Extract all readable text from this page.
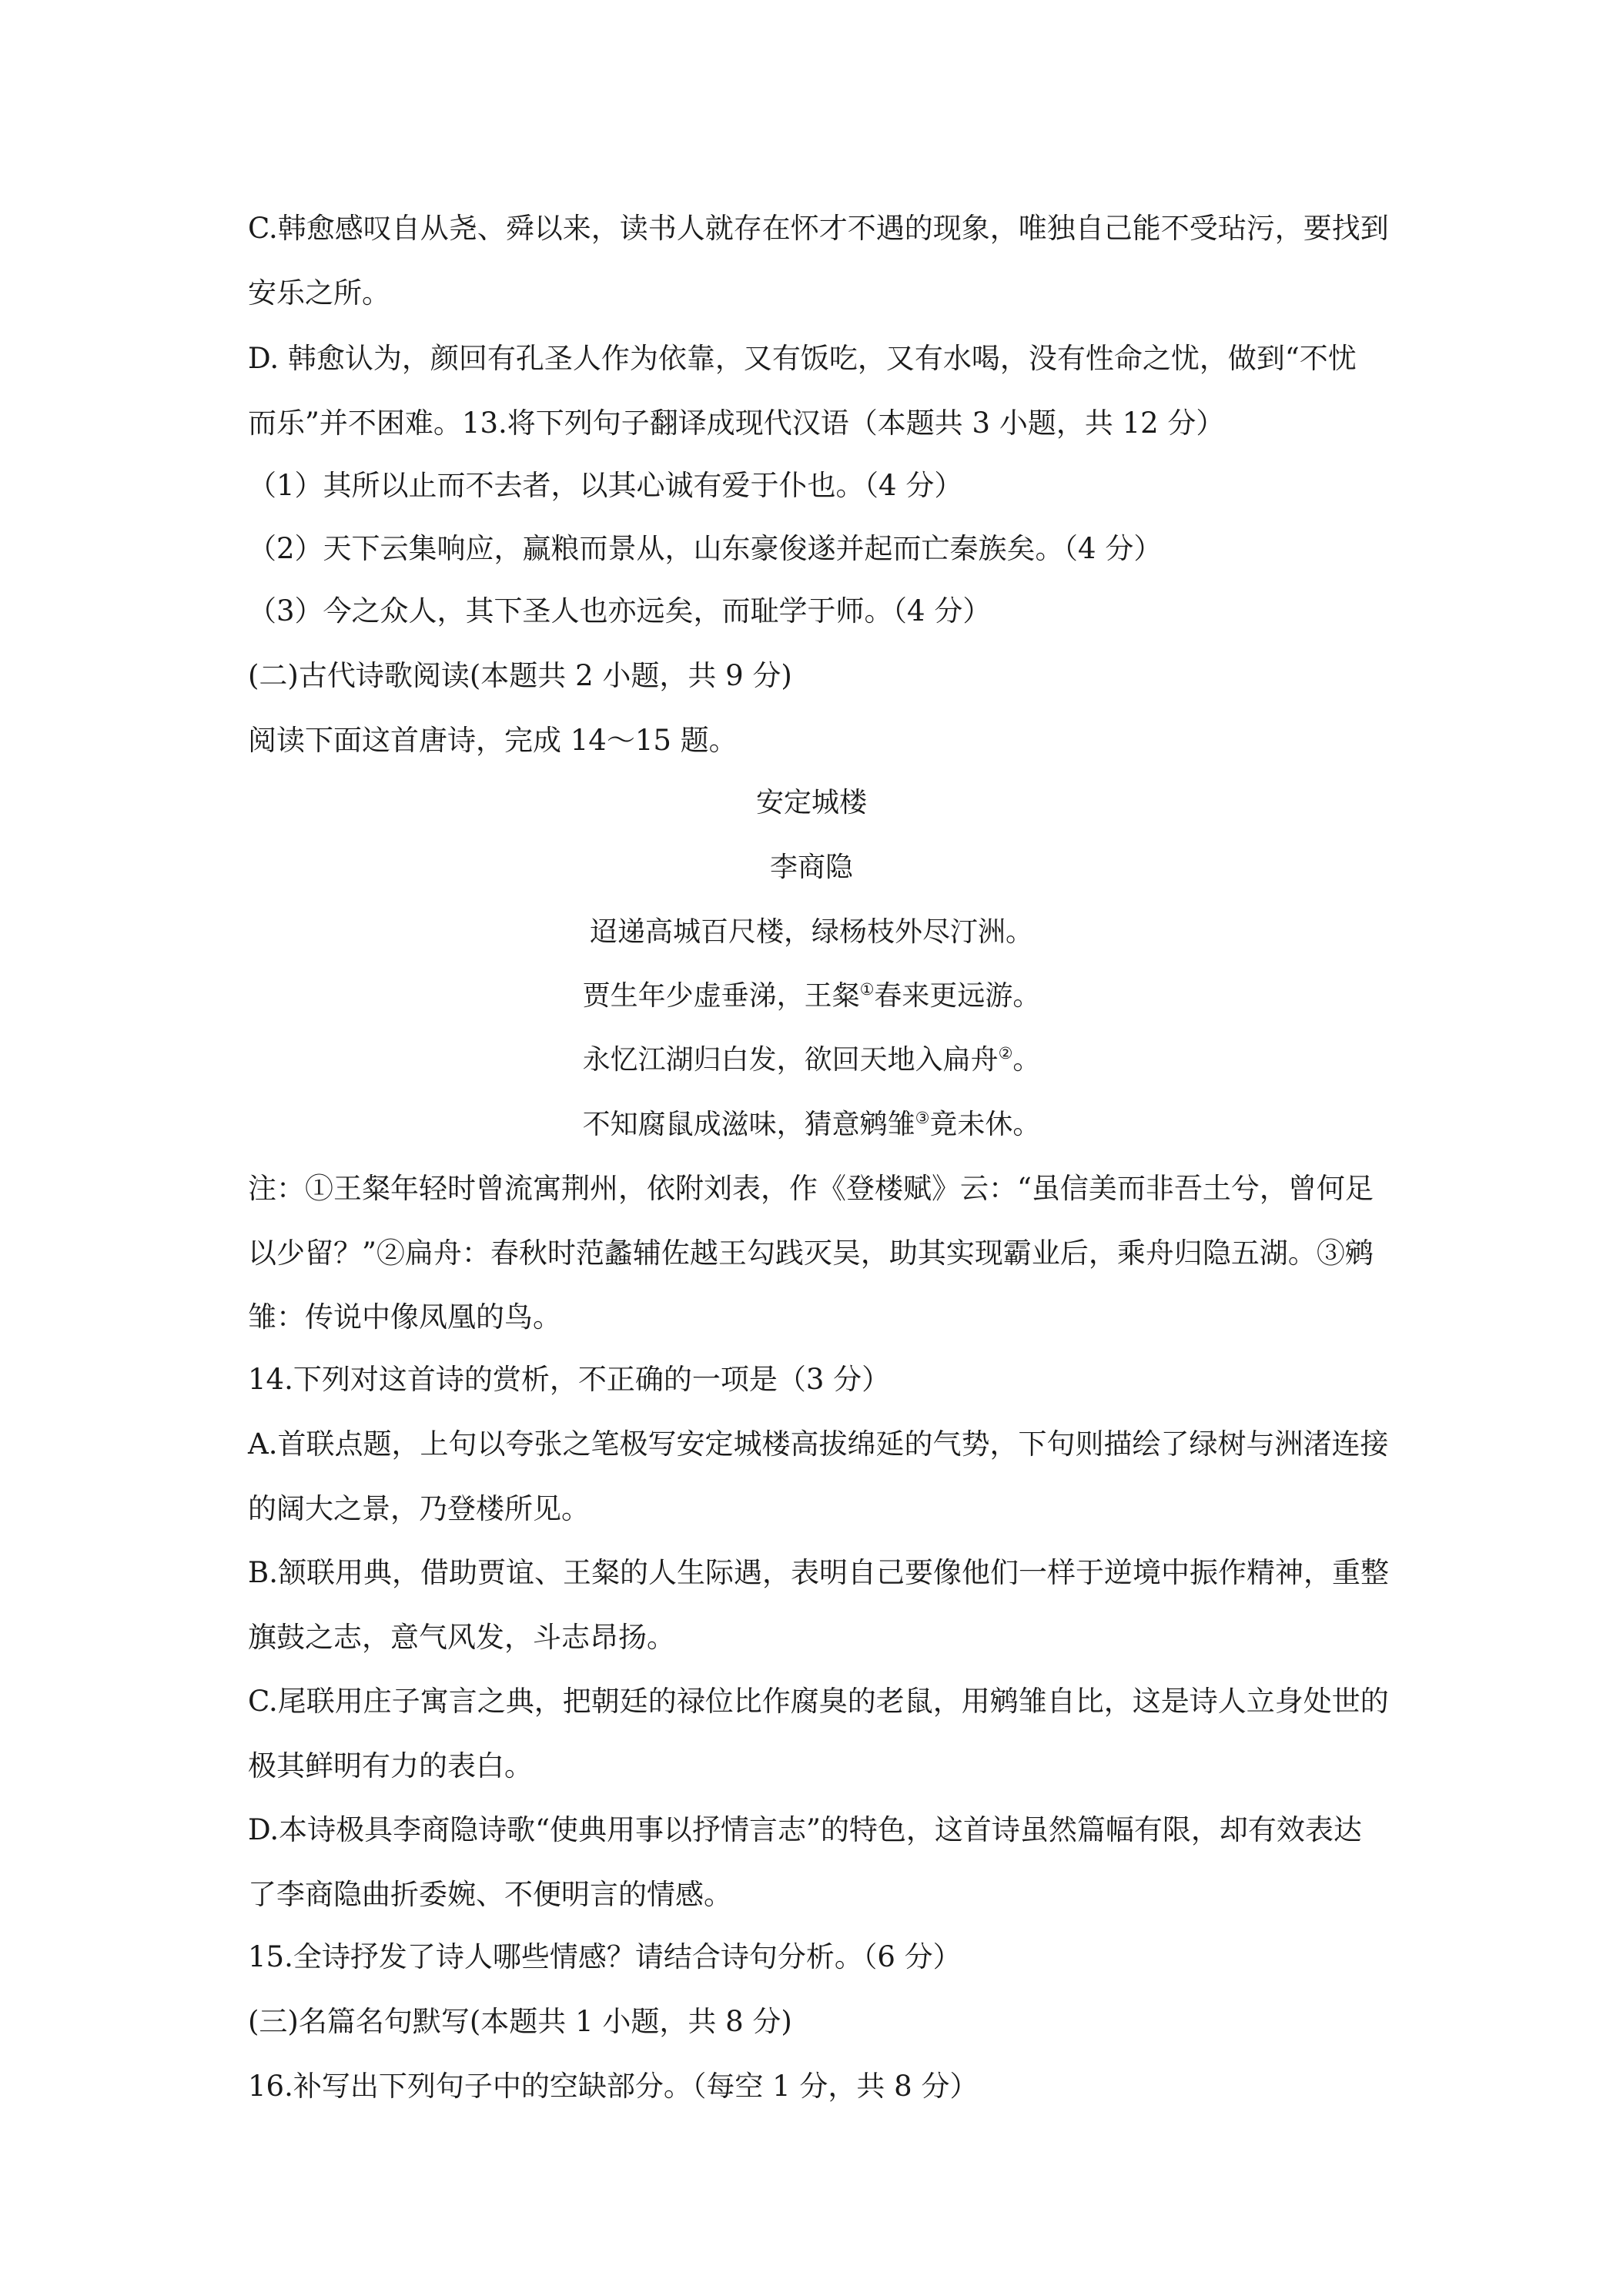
C.韩愈感叹自从尧、舜以来，读书人就存在怀才不遇的现象，唯独自己能不受玷污，要找到
安乐之所。
D. 韩愈认为，颜回有孔圣人作为依靠，又有饭吃，又有水喝，没有性命之忧，做到“不忧
而乐”并不困难。13.将下列句子翻译成现代汉语（本题共 3 小题，共 12 分）
（1）其所以止而不去者，以其心诚有爱于仆也。（4 分）
（2）天下云集响应，赢粮而景从，山东豪俊遂并起而亡秦族矣。（4 分）
（3）今之众人，其下圣人也亦远矣，而耻学于师。（4 分）
(二)古代诗歌阅读(本题共 2 小题，共 9 分)
阅读下面这首唐诗，完成 14～15 题。
安定城楼
李商隐
迢递高城百尺楼，绿杨枝外尽汀洲。
贾生年少虚垂涕，王粲①春来更远游。
永忆江湖归白发，欲回天地入扁舟②。
不知腐鼠成滋味，猜意鹓雏③竟未休。
注：①王粲年轻时曾流寓荆州，依附刘表，作《登楼赋》云：“虽信美而非吾土兮，曾何足
以少留？”②扁舟：春秋时范蠡辅佐越王勾践灭吴，助其实现霸业后，乘舟归隐五湖。③鹓
雏：传说中像凤凰的鸟。
14.下列对这首诗的赏析，不正确的一项是（3 分）
A.首联点题，上句以夸张之笔极写安定城楼高拔绵延的气势，下句则描绘了绿树与洲渚连接
的阔大之景，乃登楼所见。
B.颔联用典，借助贾谊、王粲的人生际遇，表明自己要像他们一样于逆境中振作精神，重整
旗鼓之志，意气风发，斗志昂扬。
C.尾联用庄子寓言之典，把朝廷的禄位比作腐臭的老鼠，用鹓雏自比，这是诗人立身处世的
极其鲜明有力的表白。
D.本诗极具李商隐诗歌“使典用事以抒情言志”的特色，这首诗虽然篇幅有限，却有效表达
了李商隐曲折委婉、不便明言的情感。
15.全诗抒发了诗人哪些情感？请结合诗句分析。（6 分）
(三)名篇名句默写(本题共 1 小题，共 8 分)
16.补写出下列句子中的空缺部分。（每空 1 分，共 8 分）
